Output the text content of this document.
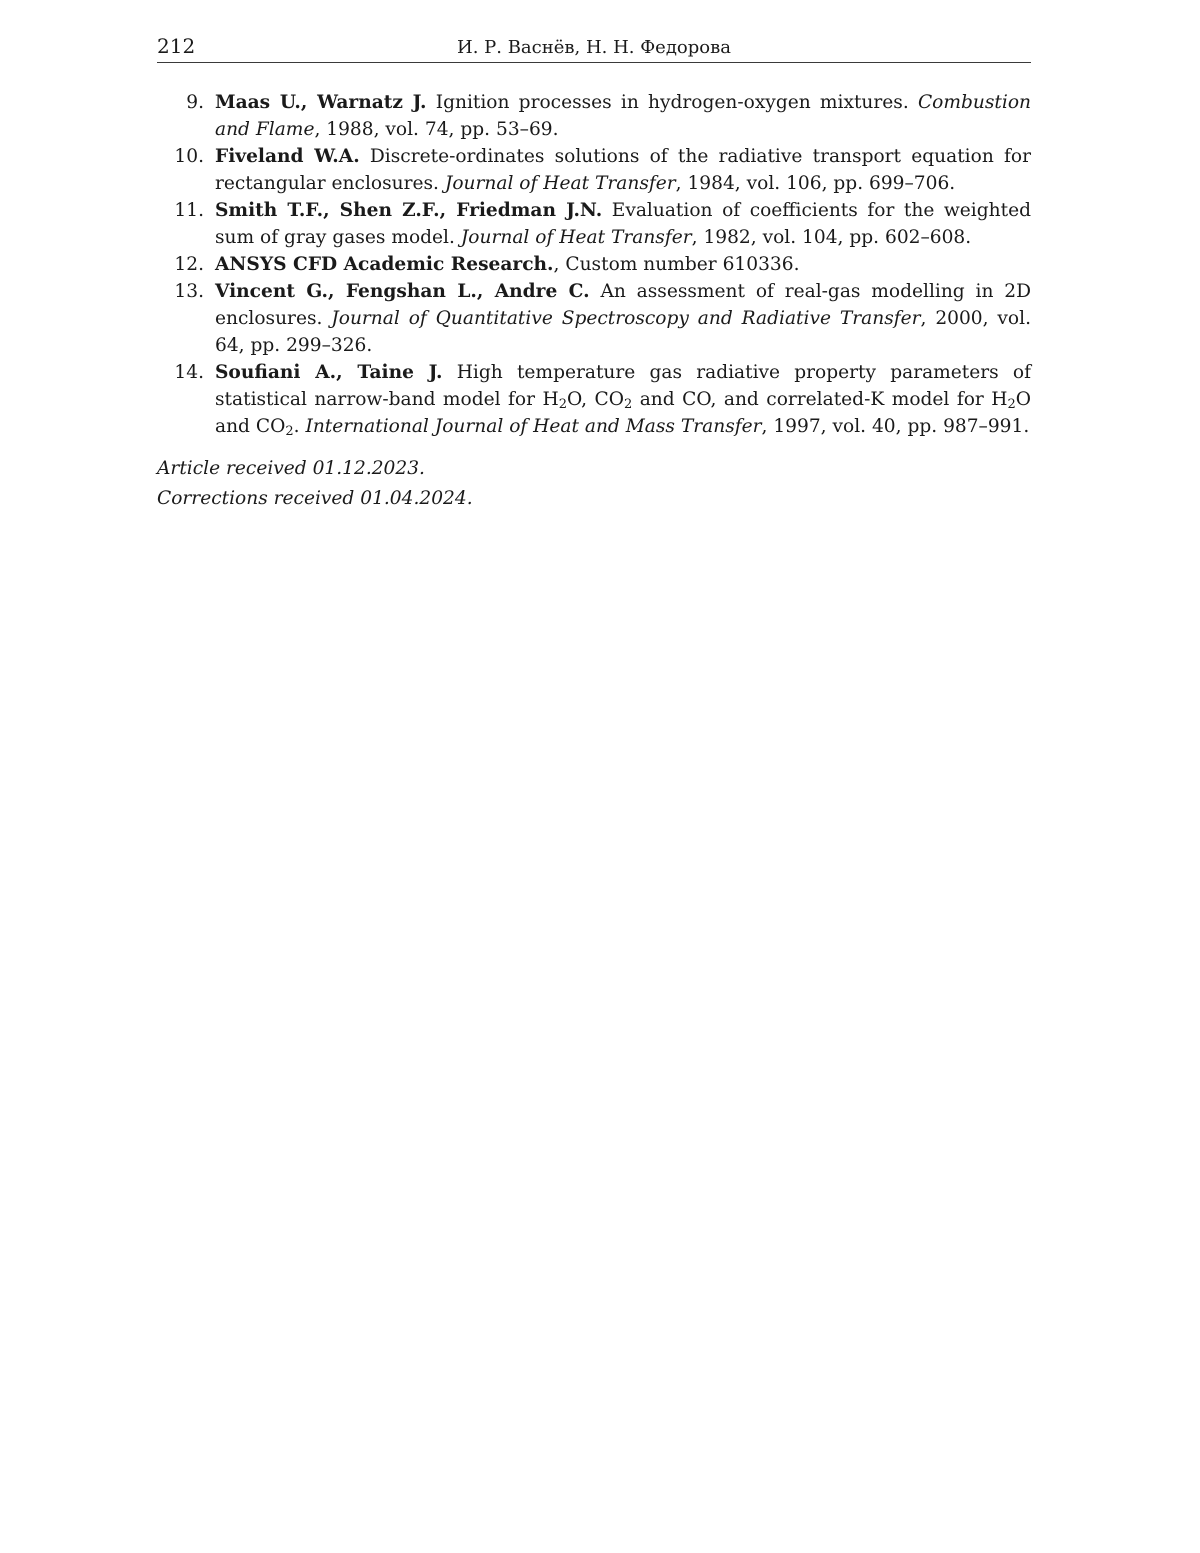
212	И. Р. Васнёв, Н. Н. Федорова
9. Maas U., Warnatz J. Ignition processes in hydrogen-oxygen mixtures. Combustion and Flame, 1988, vol. 74, pp. 53–69.
10. Fiveland W.A. Discrete-ordinates solutions of the radiative transport equation for rectangular enclosures. Journal of Heat Transfer, 1984, vol. 106, pp. 699–706.
11. Smith T.F., Shen Z.F., Friedman J.N. Evaluation of coefficients for the weighted sum of gray gases model. Journal of Heat Transfer, 1982, vol. 104, pp. 602–608.
12. ANSYS CFD Academic Research., Custom number 610336.
13. Vincent G., Fengshan L., Andre C. An assessment of real-gas modelling in 2D enclosures. Journal of Quantitative Spectroscopy and Radiative Transfer, 2000, vol. 64, pp. 299–326.
14. Soufiani A., Taine J. High temperature gas radiative property parameters of statistical narrow-band model for $H_2O$, $CO_2$ and CO, and correlated-K model for $H_2O$ and $CO_2$. International Journal of Heat and Mass Transfer, 1997, vol. 40, pp. 987–991.
Article received 01.12.2023.
Corrections received 01.04.2024.
